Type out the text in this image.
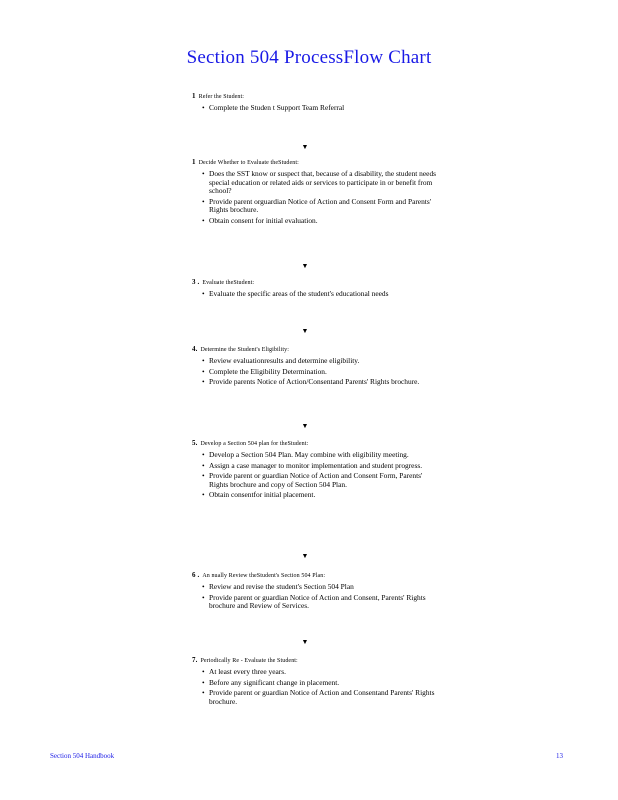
Section 504 ProcessFlow Chart
1 Refer the Student:
• Complete the Studen t Support Team Referral
▼
1 Decide Whether to Evaluate theStudent:
• Does the SST know or suspect that, because of a disability, the student needs special education or related aids or services to participate in or benefit from school?
• Provide parent orguardian Notice of Action and Consent Form and Parents' Rights brochure.
• Obtain consent for initial evaluation.
▼
3 . Evaluate theStudent:
• Evaluate the specific areas of the student's educational needs
▼
4. Determine the Student's Eligibility:
• Review evaluationresults and determine eligibility.
• Complete the Eligibility Determination.
• Provide parents Notice of Action/Consentand Parents' Rights brochure.
▼
5. Develop a Section 504 plan for theStudent:
• Develop a Section 504 Plan. May combine with eligibility meeting.
• Assign a case manager to monitor implementation and student progress.
• Provide parent or guardian Notice of Action and Consent Form, Parents' Rights brochure and copy of Section 504 Plan.
• Obtain consentfor initial placement.
▼
6 . An nually Review theStudent's Section 504 Plan:
• Review and revise the student's Section 504 Plan
• Provide parent or guardian Notice of Action and Consent, Parents' Rights brochure and Review of Services.
▼
7. Periodically Re - Evaluate the Student:
• At least every three years.
• Before any significant change in placement.
• Provide parent or guardian Notice of Action and Consentand Parents' Rights brochure.
Section 504 Handbook	13
